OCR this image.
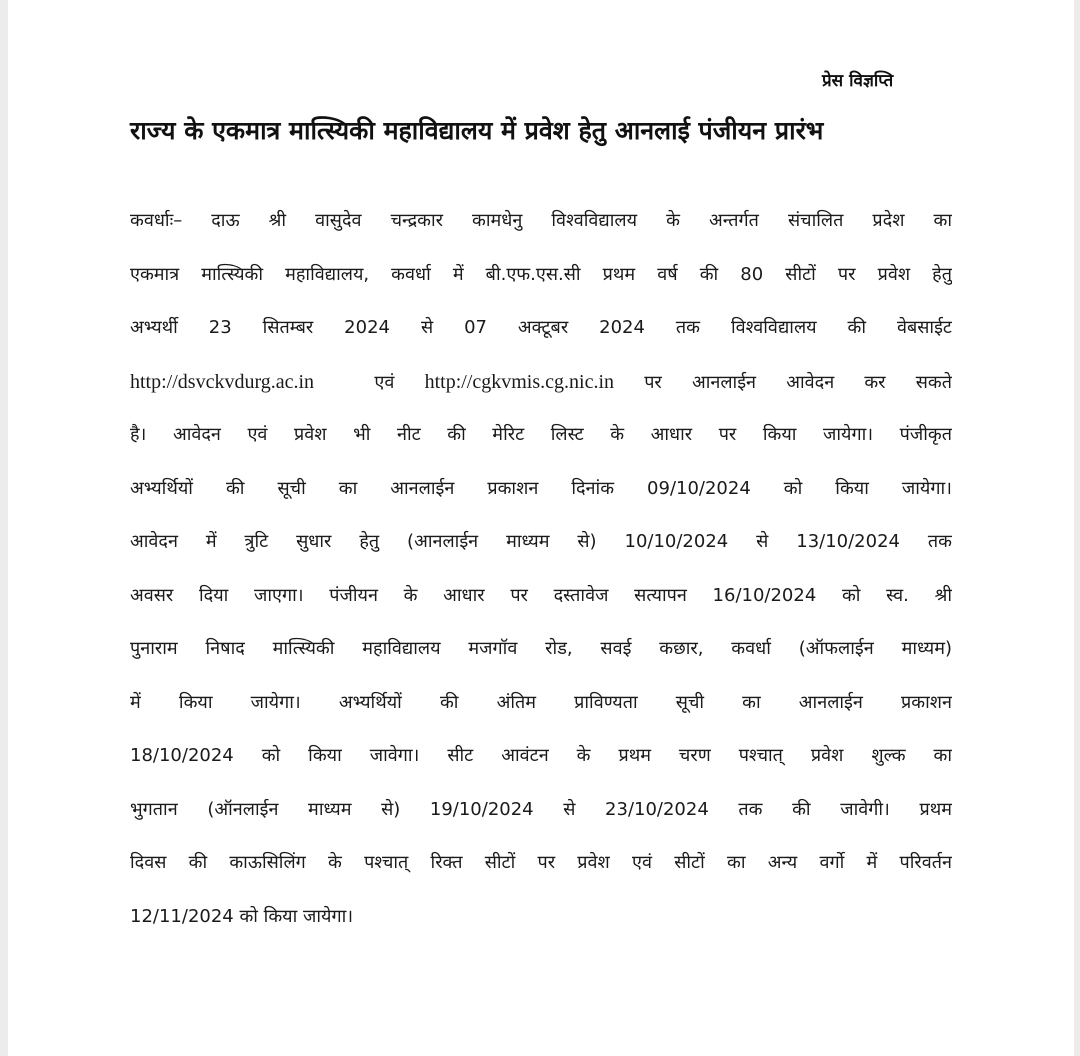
प्रेस विज्ञप्ति
राज्य के एकमात्र मात्स्यिकी महाविद्यालय में प्रवेश हेतु आनलाई पंजीयन प्रारंभ
कवर्धाः– दाऊ श्री वासुदेव चन्द्रकार कामधेनु विश्वविद्यालय के अन्तर्गत संचालित प्रदेश का
एकमात्र मात्स्यिकी महाविद्यालय, कवर्धा में बी.एफ.एस.सी प्रथम वर्ष की 80 सीटों पर प्रवेश हेतु
अभ्यर्थी 23 सितम्बर 2024 से 07 अक्टूबर 2024 तक विश्वविद्यालय की वेबसाईट
http://dsvckvdurg.ac.in	एवं http://cgkvmis.cg.nic.in पर आनलाईन आवेदन कर सकते
है। आवेदन एवं प्रवेश भी नीट की मेरिट लिस्ट के आधार पर किया जायेगा। पंजीकृत
अभ्यर्थियों की सूची का आनलाईन प्रकाशन दिनांक 09/10/2024 को किया जायेगा।
आवेदन में त्रुटि सुधार हेतु (आनलाईन माध्यम से) 10/10/2024 से 13/10/2024 तक
अवसर दिया जाएगा। पंजीयन के आधार पर दस्तावेज सत्यापन 16/10/2024 को स्व. श्री
पुनाराम निषाद मात्स्यिकी महाविद्यालय मजगॉव रोड, सवई कछार, कवर्धा (ऑफलाईन माध्यम)
में किया जायेगा। अभ्यर्थियों की अंतिम प्राविण्यता सूची का आनलाईन प्रकाशन
18/10/2024 को किया जावेगा। सीट आवंटन के प्रथम चरण पश्चात् प्रवेश शुल्क का
भुगतान (ऑनलाईन माध्यम से) 19/10/2024 से 23/10/2024 तक की जावेगी। प्रथम
दिवस की काऊसिलिंग के पश्चात् रिक्त सीटों पर प्रवेश एवं सीटों का अन्य वर्गो में परिवर्तन
12/11/2024 को किया जायेगा।
